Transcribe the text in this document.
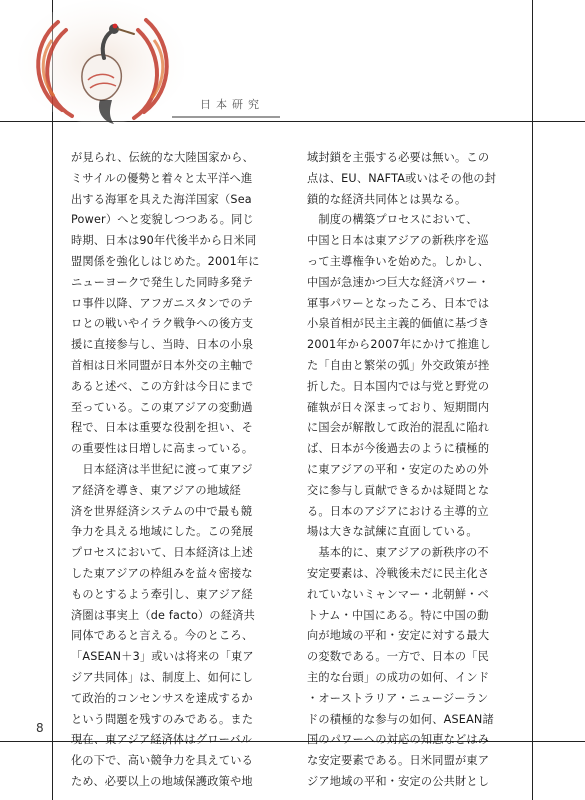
日本研究
が見られ、伝統的な大陸国家から、
ミサイルの優勢と着々と太平洋へ進
出する海軍を具えた海洋国家（Sea
Power）へと変貌しつつある。同じ
時期、日本は90年代後半から日米同
盟関係を強化しはじめた。2001年に
ニューヨークで発生した同時多発テ
ロ事件以降、アフガニスタンでのテ
ロとの戦いやイラク戦争への後方支
援に直接参与し、当時、日本の小泉
首相は日米同盟が日本外交の主軸で
あると述べ、この方針は今日にまで
至っている。この東アジアの変動過
程で、日本は重要な役割を担い、そ
の重要性は日増しに高まっている。
　日本経済は半世紀に渡って東アジ
ア経済を導き、東アジアの地域経
済を世界経済システムの中で最も競
争力を具える地域にした。この発展
プロセスにおいて、日本経済は上述
した東アジアの枠組みを益々密接な
ものとするよう牽引し、東アジア経
済圏は事実上（de facto）の経済共
同体であると言える。今のところ、
「ASEAN＋3」或いは将来の「東ア
ジア共同体」は、制度上、如何にし
て政治的コンセンサスを達成するか
という問題を残すのみである。また
現在、東アジア経済体はグローバル
化の下で、高い競争力を具えている
ため、必要以上の地域保護政策や地
域封鎖を主張する必要は無い。この
点は、EU、NAFTA或いはその他の封
鎖的な経済共同体とは異なる。
　制度の構築プロセスにおいて、
中国と日本は東アジアの新秩序を巡
って主導権争いを始めた。しかし、
中国が急速かつ巨大な経済パワー・
軍事パワーとなったころ、日本では
小泉首相が民主主義的価値に基づき
2001年から2007年にかけて推進し
た「自由と繁栄の弧」外交政策が挫
折した。日本国内では与党と野党の
確執が日々深まっており、短期間内
に国会が解散して政治的混乱に陥れ
ば、日本が今後過去のように積極的
に東アジアの平和・安定のための外
交に参与し貢献できるかは疑問とな
る。日本のアジアにおける主導的立
場は大きな試練に直面している。
　基本的に、東アジアの新秩序の不
安定要素は、冷戦後未だに民主化さ
れていないミャンマー・北朝鮮・ベ
トナム・中国にある。特に中国の動
向が地域の平和・安定に対する最大
の変数である。一方で、日本の「民
主的な台頭」の成功の如何、インド
・オーストラリア・ニュージーラン
ドの積極的な参与の如何、ASEAN諸
国のパワーへの対応の知恵などはみ
な安定要素である。日米同盟が東ア
ジア地域の平和・安定の公共財とし
8
